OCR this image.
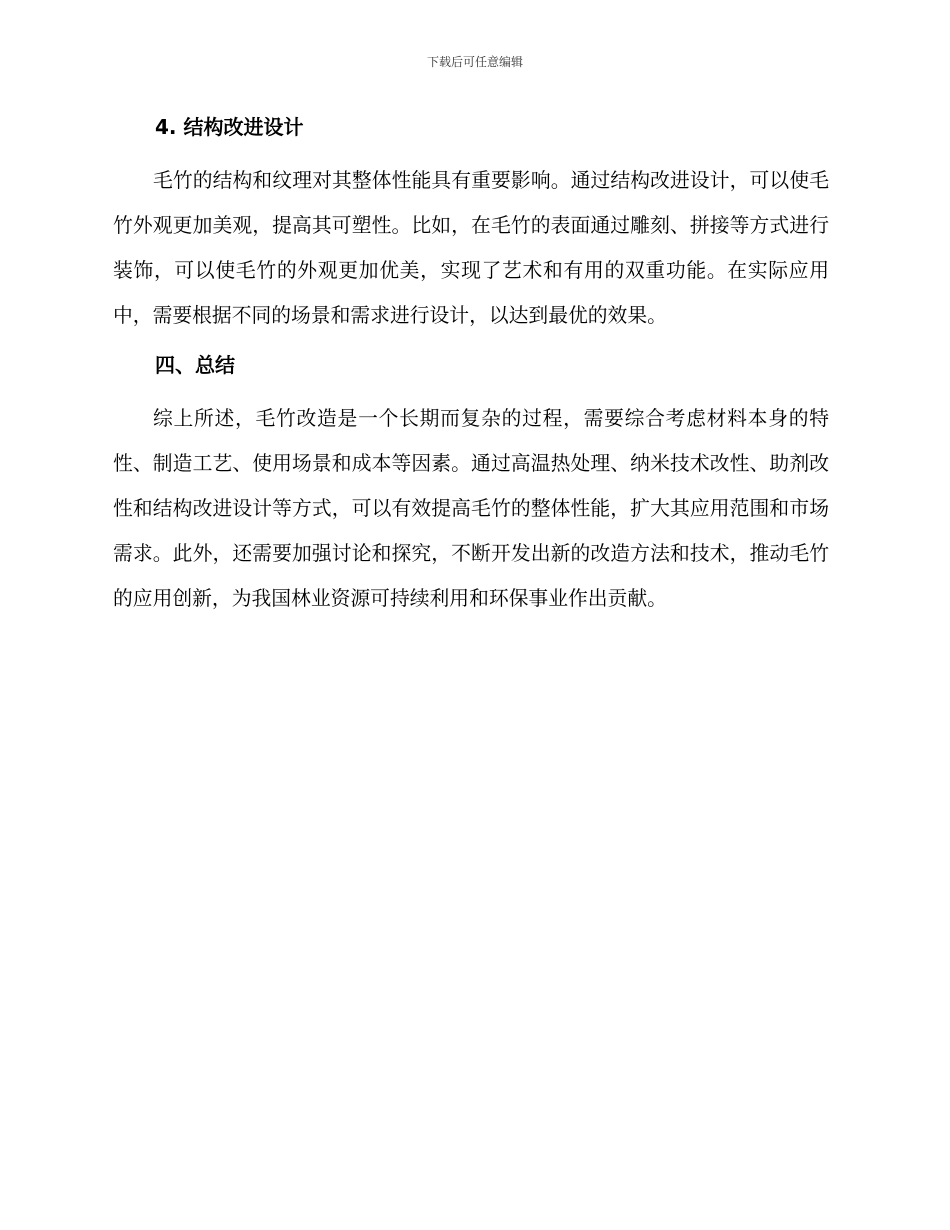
下载后可任意编辑
4. 结构改进设计

毛竹的结构和纹理对其整体性能具有重要影响。通过结构改进设计，可以使毛竹外观更加美观，提高其可塑性。比如，在毛竹的表面通过雕刻、拼接等方式进行装饰，可以使毛竹的外观更加优美，实现了艺术和有用的双重功能。在实际应用中，需要根据不同的场景和需求进行设计，以达到最优的效果。

四、总结

综上所述，毛竹改造是一个长期而复杂的过程，需要综合考虑材料本身的特性、制造工艺、使用场景和成本等因素。通过高温热处理、纳米技术改性、助剂改性和结构改进设计等方式，可以有效提高毛竹的整体性能，扩大其应用范围和市场需求。此外，还需要加强讨论和探究，不断开发出新的改造方法和技术，推动毛竹的应用创新，为我国林业资源可持续利用和环保事业作出贡献。
